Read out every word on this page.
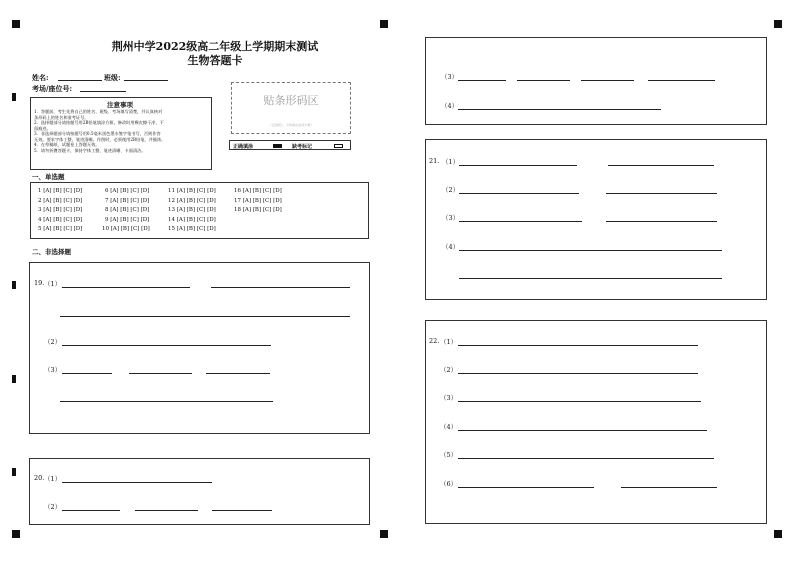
荆州中学2022级高二年级上学期期末测试
生物答题卡
姓名:	班级:
考场/座位号:
注意事项
1．答题前，考生先将自己的姓名、班级、考场填写清楚，并认真核对
条形码上的姓名和准考证号。
2．选择题部分请按题号用2B铅笔填涂方框，修改时用橡皮擦干净，不
留痕迹。
3．非选择题部分请按题号用0.5毫米黑色墨水签字笔书写，否则作答
无效。要求字体工整、笔迹清晰。作图时，必须使用2B铅笔，并描浓。
4．在草稿纸、试题卷上答题无效。
5．请勿折叠答题卡，保持字体工整、笔迹清晰、卡面清洁。
贴条形码区
（正面朝上，切勿贴出虚线方框）
正确填涂	缺考标记
一、单选题
1 [A] [B] [C] [D]
2 [A] [B] [C] [D]
3 [A] [B] [C] [D]
4 [A] [B] [C] [D]
5 [A] [B] [C] [D]
6 [A] [B] [C] [D]
7 [A] [B] [C] [D]
8 [A] [B] [C] [D]
9 [A] [B] [C] [D]
10 [A] [B] [C] [D]
11 [A] [B] [C] [D]
12 [A] [B] [C] [D]
13 [A] [B] [C] [D]
14 [A] [B] [C] [D]
15 [A] [B] [C] [D]
16 [A] [B] [C] [D]
17 [A] [B] [C] [D]
18 [A] [B] [C] [D]
二、非选择题
19. （1）
（2）
（3）
20. （1）
（2）
（3）
（4）
21. （1）
（2）
（3）
（4）
22. （1）
（2）
（3）
（4）
（5）
（6）
